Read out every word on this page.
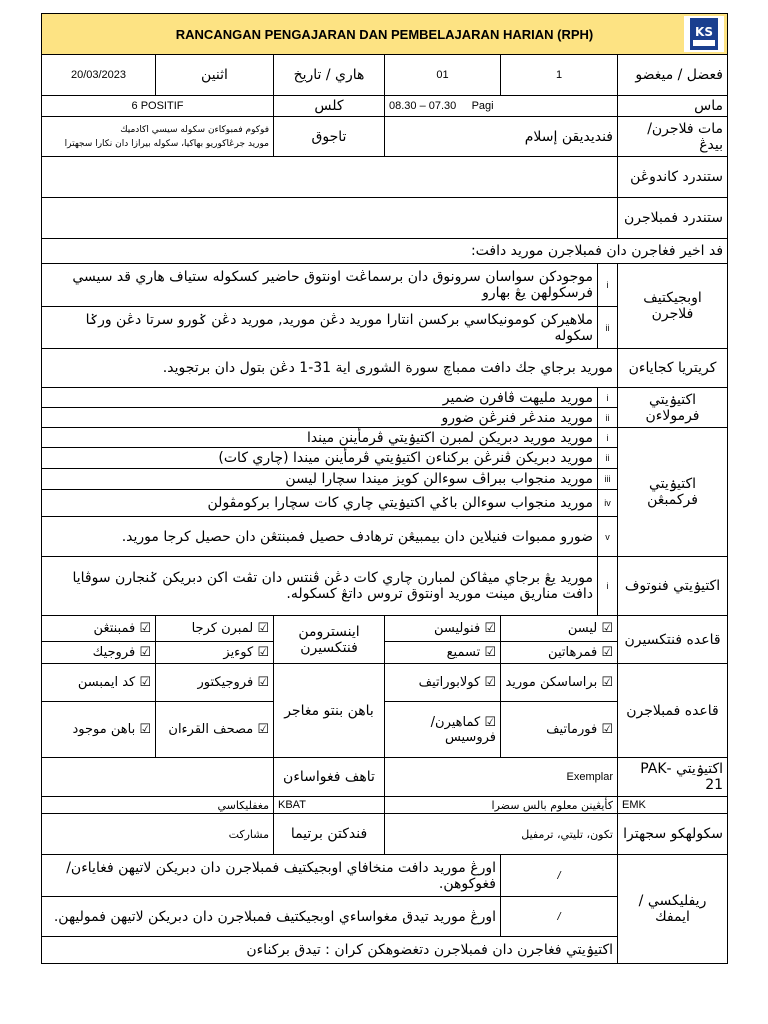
RANCANGAN PENGAJARAN DAN PEMBELAJARAN HARIAN (RPH) KS						

20/03/2023	اثنين	هاري / تاريخ	01	1		فعضل / ميغضو
6 POSITIF		كلس	08.30 – 07.30 Pagi			ماس

فوكوم فمبوكاءن سكوله سيسي اكادميك
موريد جرڠاكوريو بهاكيا، سكوله بيرازا دان نكارا سجهترا		تاجوق	فنديديقن إسلام			مات فلاجرن/ بيدڠ
						ستندرد كاندوڠن
						ستندرد فمبلاجرن
فد اخير فغاجرن دان فمبلاجرن موريد دافت:						
موجودكن سواسان سرونوق دان برسماڠت اونتوق حاضير كسكوله ستياف هاري قد سيسي فرسكولهن يڠ بهارو					i	اوبجيكتيف فلاجرن
ملاهيركن كومونيكاسي بركسن انتارا موريد دڠن موريد, موريد دڠن ݢورو سرتا دڠن ورݢا سكوله					ii	
موريد برجاي جك دافت ممباچ سورة الشورى اية 31-1 دڠن بتول دان برتجويد.						كريتريا كجاياءن
موريد مليهت ڤافرن ضمير					i	اكتيۏيتي فرمولاءن
موريد مندڠر فنرڠن ضورو					ii	
موريد موريد دبريكن لمبرن اكتيۏيتي ڤرمأينن ميندا					i	اكتيۏيتي فركمبڠن
موريد دبريكن ڤنرڠن بركناءن اكتيۏيتي ڤرمأينن ميندا (چاري كات)					ii	
موريد منجواب ببراڤ سوءالن كويز ميندا سچارا ليسن					iii	
موريد منجواب سوءالن باݢي اكتيۏيتي چاري كات سچارا بركومڤولن					iv	
ضورو ممبوات فنيلاين دان بيمبيڠن ترهادف حصيل فمبنتڠن دان حصيل كرجا موريد.					v	
موريد يڠ برجاي ميڤاكن لمبارن چاري كات دڠن ڤنتس دان تڤت اكن دبريكن ݢنجارن سوڤايا دافت مناريق مينت موريد اونتوق تروس داتڠ كسكوله.					i	اكتيۏيتي فنوتوف
☑ فمبنتڠن	☑ لمبرن كرجا	اينسترومن فنتكسيرن	☑ فنوليسن	☑ ليسن		قاعده فنتكسيرن
☑ فروجيك	☑ كوءيز		☑ تسميع	☑ فمرهاتين		
☑ كد ايمبسن	☑ فروجيكتور	باهن بنتو مغاجر	☑ كولابوراتيف	☑ براساسكن موريد		قاعده فمبلاجرن
☑ باهن موجود	☑ مصحف القرءان		☑ كماهيرن/فروسيس	☑ فورماتيف		
		تاهف فغواساءن	Exemplar			اكتيۏيتي -PAK 21
مغفليكاسي		KBAT	كأيڠينن معلوم بالس سضرا			EMK
مشاركت		فندكتن برتيما	تكون، تليتي، ترمفيل			سكولهكو سجهترا
اورڠ موريد دافت منخافاي اوبجيكتيف فمبلاجرن دان دبريكن لاتيهن فغاياءن/فغوكوهن.				/		ريفليكسي / ايمفك
اورڠ موريد تيدق مغواساءي اوبجيكتيف فمبلاجرن دان دبريكن لاتيهن فموليهن.				/		
اكتيۏيتي فغاجرن دان فمبلاجرن دتغضوهكن كران : تيدق بركناءن						
